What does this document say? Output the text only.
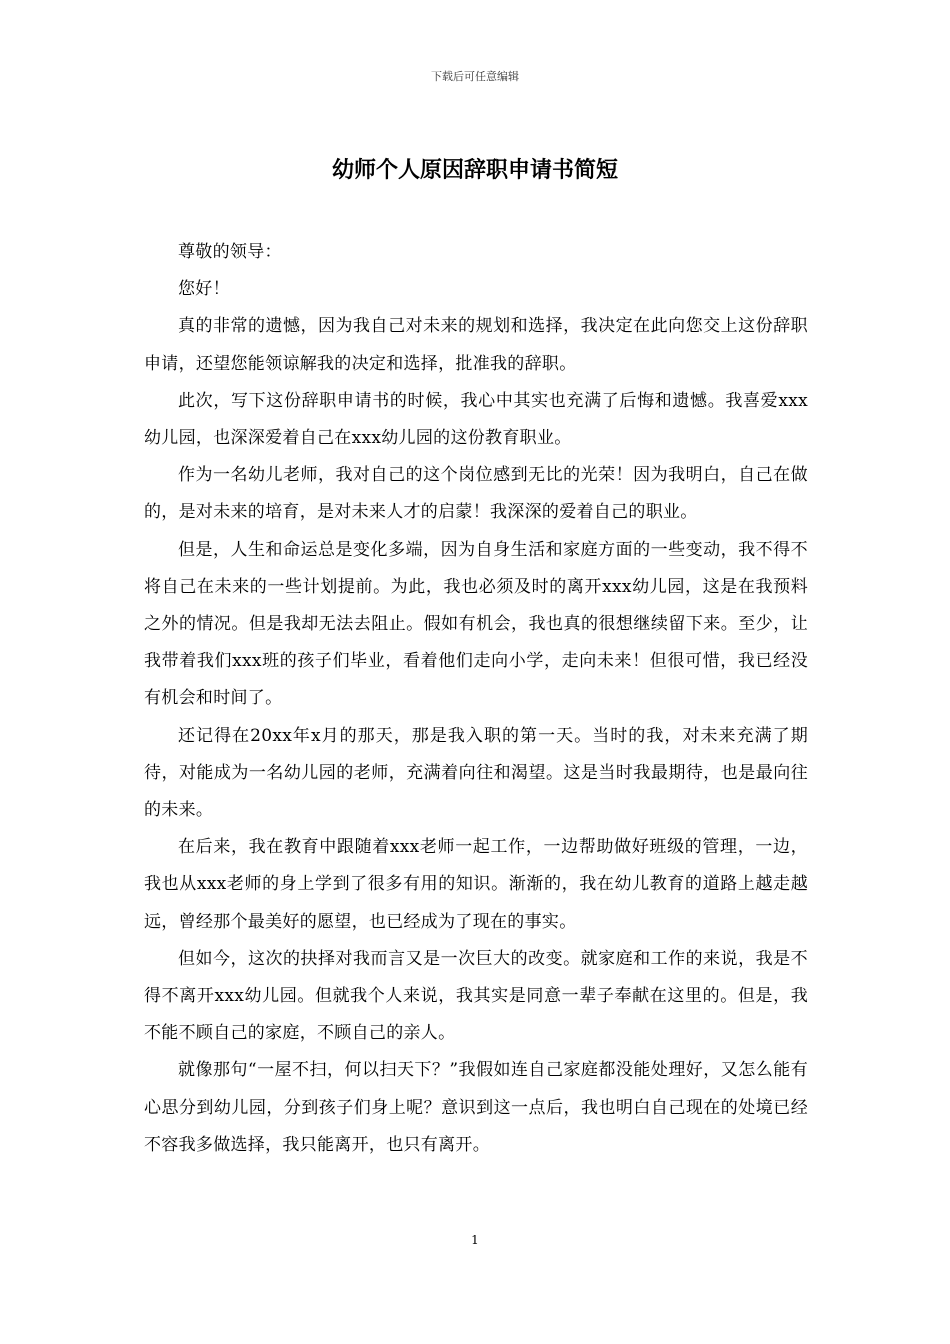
下载后可任意编辑
幼师个人原因辞职申请书简短

尊敬的领导：

您好！

真的非常的遗憾，因为我自己对未来的规划和选择，我决定在此向您交上这份辞职申请，还望您能领谅解我的决定和选择，批准我的辞职。

此次，写下这份辞职申请书的时候，我心中其实也充满了后悔和遗憾。我喜爱xxx幼儿园，也深深爱着自己在xxx幼儿园的这份教育职业。

作为一名幼儿老师，我对自己的这个岗位感到无比的光荣！因为我明白，自己在做的，是对未来的培育，是对未来人才的启蒙！我深深的爱着自己的职业。

但是，人生和命运总是变化多端，因为自身生活和家庭方面的一些变动，我不得不将自己在未来的一些计划提前。为此，我也必须及时的离开xxx幼儿园，这是在我预料之外的情况。但是我却无法去阻止。假如有机会，我也真的很想继续留下来。至少，让我带着我们xxx班的孩子们毕业，看着他们走向小学，走向未来！但很可惜，我已经没有机会和时间了。

还记得在20xx年x月的那天，那是我入职的第一天。当时的我，对未来充满了期待，对能成为一名幼儿园的老师，充满着向往和渴望。这是当时我最期待，也是最向往的未来。

在后来，我在教育中跟随着xxx老师一起工作，一边帮助做好班级的管理，一边，我也从xxx老师的身上学到了很多有用的知识。渐渐的，我在幼儿教育的道路上越走越远，曾经那个最美好的愿望，也已经成为了现在的事实。

但如今，这次的抉择对我而言又是一次巨大的改变。就家庭和工作的来说，我是不得不离开xxx幼儿园。但就我个人来说，我其实是同意一辈子奉献在这里的。但是，我不能不顾自己的家庭，不顾自己的亲人。

就像那句“一屋不扫，何以扫天下？”我假如连自己家庭都没能处理好，又怎么能有心思分到幼儿园，分到孩子们身上呢？意识到这一点后，我也明白自己现在的处境已经不容我多做选择，我只能离开，也只有离开。

1
